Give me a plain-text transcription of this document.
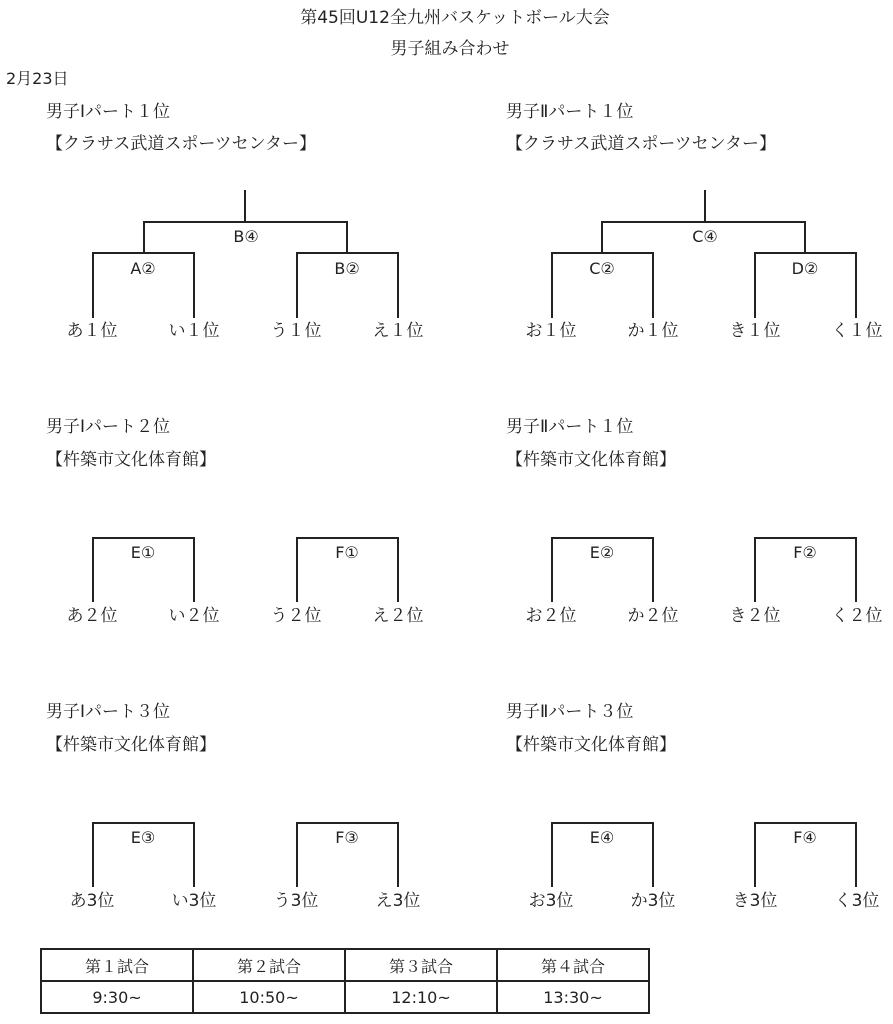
第45回U12全九州バスケットボール大会
男子組み合わせ
2月23日
男子Ⅰパート１位
【クラサス武道スポーツセンター】
B④
A②	B②
あ１位	い１位	う１位	え１位
男子Ⅱパート１位
【クラサス武道スポーツセンター】
C④
C②	D②
お１位	か１位	き１位	く１位
男子Ⅰパート２位
【杵築市文化体育館】
E①	F①
あ２位	い２位	う２位	え２位
男子Ⅱパート１位
【杵築市文化体育館】
E②	F②
お２位	か２位	き２位	く２位
男子Ⅰパート３位
【杵築市文化体育館】
E③	F③
あ3位	い3位	う3位	え3位
男子Ⅱパート３位
【杵築市文化体育館】
E④	F④
お3位	か3位	き3位	く3位
第１試合	第２試合	第３試合	第４試合
9:30~	10:50~	12:10~	13:30~
